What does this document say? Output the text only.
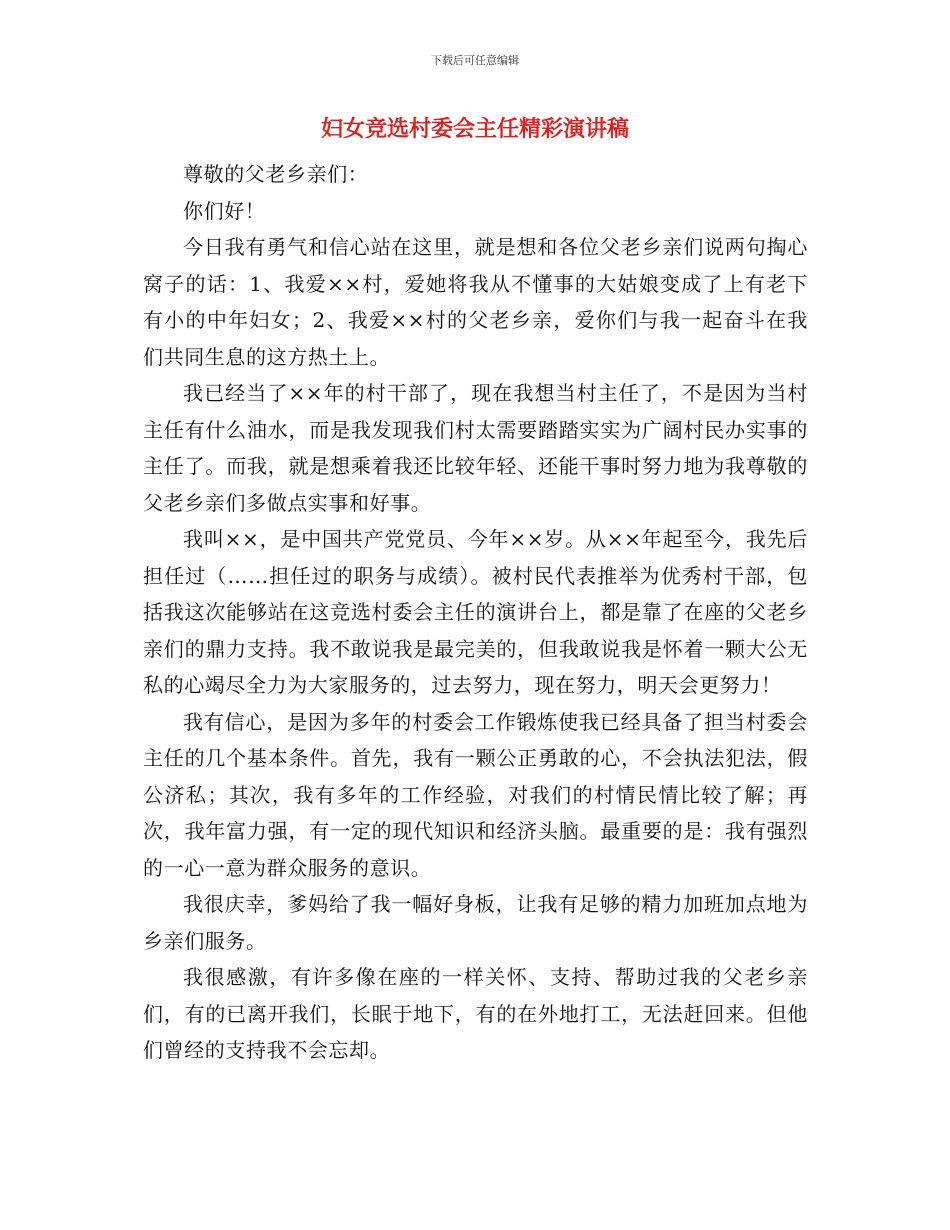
下载后可任意编辑
妇女竞选村委会主任精彩演讲稿

尊敬的父老乡亲们：

你们好！

今日我有勇气和信心站在这里，就是想和各位父老乡亲们说两句掏心窝子的话：1、我爱××村，爱她将我从不懂事的大姑娘变成了上有老下有小的中年妇女；2、我爱××村的父老乡亲，爱你们与我一起奋斗在我们共同生息的这方热土上。

我已经当了××年的村干部了，现在我想当村主任了，不是因为当村主任有什么油水，而是我发现我们村太需要踏踏实实为广阔村民办实事的主任了。而我，就是想乘着我还比较年轻、还能干事时努力地为我尊敬的父老乡亲们多做点实事和好事。

我叫××，是中国共产党党员、今年××岁。从××年起至今，我先后担任过（……担任过的职务与成绩）。被村民代表推举为优秀村干部，包括我这次能够站在这竞选村委会主任的演讲台上，都是靠了在座的父老乡亲们的鼎力支持。我不敢说我是最完美的，但我敢说我是怀着一颗大公无私的心竭尽全力为大家服务的，过去努力，现在努力，明天会更努力！

我有信心，是因为多年的村委会工作锻炼使我已经具备了担当村委会主任的几个基本条件。首先，我有一颗公正勇敢的心，不会执法犯法，假公济私；其次，我有多年的工作经验，对我们的村情民情比较了解；再次，我年富力强，有一定的现代知识和经济头脑。最重要的是：我有强烈的一心一意为群众服务的意识。

我很庆幸，爹妈给了我一幅好身板，让我有足够的精力加班加点地为乡亲们服务。

我很感激，有许多像在座的一样关怀、支持、帮助过我的父老乡亲们，有的已离开我们，长眠于地下，有的在外地打工，无法赶回来。但他们曾经的支持我不会忘却。
